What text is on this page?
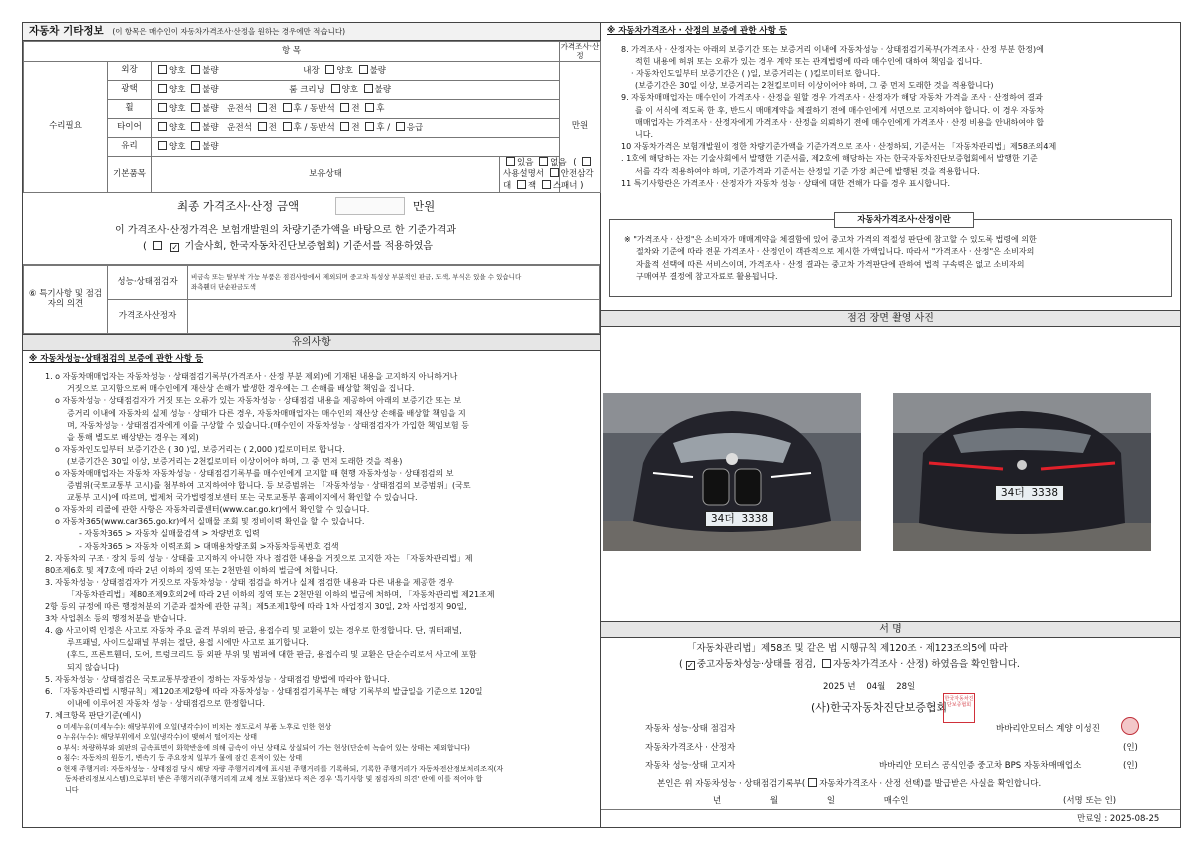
자동차 기타정보 (이 항목은 매수인이 자동차가격조사·산정을 원하는 경우에만 적습니다)
항 목				가격조사·산정
수리필요	외장	양호 불량 내장 양호 불량		만원
	광택	양호 불량 룸 크리닝 양호 불량		
	휠	양호 불량 운전석 전 후 / 동반석 전 후		
	타이어	양호 불량 운전석 전 후 / 동반석 전 후 / 응급		
	유리	양호 불량		
	기본품목	보유상태	있음 없음 ( 사용설명서 안전삼각대 잭 스패너 )	
최종 가격조사·산정 금액	만원
이 가격조사·산정가격은 보험개발원의 차량기준가액을 바탕으로 한 기준가격과
(	✓ 기술사회, 한국자동차진단보증협회) 기준서를 적용하였음
⑥ 특기사항 및 점검자의 의견	성능·상태점검자	비금속 또는 탈부착 가능 부품은 점검사항에서 제외되며 중고차 특성상 부분적인 판금, 도색, 부식은 있을 수 있습니다
좌측휀더 단순판금도색

	가격조사산정자	
유의사항
※ 자동차성능·상태점검의 보증에 관한 사항 등

1. o 자동차매매업자는 자동차성능 · 상태점검기록부(가격조사 · 산정 부분 제외)에 기재된 내용을 고지하지 아니하거나

거짓으로 고지함으로써 매수인에게 재산상 손해가 발생한 경우에는 그 손해를 배상할 책임을 집니다.

o 자동차성능 · 상태점검자가 거짓 또는 오류가 있는 자동차성능 · 상태점검 내용을 제공하여 아래의 보증기간 또는 보

증거리 이내에 자동차의 실제 성능 · 상태가 다른 경우, 자동차매매업자는 매수인의 재산상 손해를 배상할 책임을 지

며, 자동차성능 · 상태점검자에게 이를 구상할 수 있습니다.(매수인이 자동차성능 · 상태점검자가 가입한 책임보험 등

을 통해 별도로 배상받는 경우는 제외)

o 자동차인도일부터 보증기간은 ( 30 )일, 보증거리는 ( 2,000 )킬로미터로 합니다.

(보증기간은 30일 이상, 보증거리는 2천킬로미터 이상이어야 하며, 그 중 먼저 도래한 것을 적용)

o 자동차매매업자는 자동차 자동차성능 · 상태점검기록부를 매수인에게 고지할 때 현행 자동차성능 · 상태점검의 보

증범위(국토교통부 고시)를 첨부하여 고지하여야 합니다. 등 보증범위는 「자동차성능 · 상태점검의 보증범위」(국토

교통부 고시)에 따르며, 법제처 국가법령정보센터 또는 국토교통부 홈페이지에서 확인할 수 있습니다.

o 자동차의 리콜에 관한 사항은 자동차리콜센터(www.car.go.kr)에서 확인할 수 있습니다.

o 자동차365(www.car365.go.kr)에서 실매물 조회 및 정비이력 확인을 할 수 있습니다.

- 자동차365 > 자동차 실매물검색 > 차량번호 입력

- 자동차365 > 자동차 이력조회 > 대매용차량조회 >자동차등록번호 검색

2. 자동차의 구조 · 장치 등의 성능 · 상태를 고지하지 아니한 자나 점검한 내용을 거짓으로 고지한 자는 「자동차관리법」제

80조제6호 및 제7호에 따라 2년 이하의 징역 또는 2천만원 이하의 벌금에 처합니다.

3. 자동차성능 · 상태점검자가 거짓으로 자동차성능 · 상태 점검을 하거나 실제 점검한 내용과 다른 내용을 제공한 경우

「자동차관리법」제80조제9호의2에 따라 2년 이하의 징역 또는 2천만원 이하의 벌금에 처하며, 「자동차관리법 제21조제

2항 등의 규정에 따른 행정처분의 기준과 절차에 관한 규칙」제5조제1항에 따라 1차 사업정지 30일, 2차 사업정지 90일,

3차 사업취소 등의 행정처분을 받습니다.

4. @ 사고이력 인정은 사고로 자동차 주요 골격 부위의 판금, 용접수리 및 교환이 있는 경우로 한정합니다. 단, 쿼터패널,

루프패널, 사이드실패널 부위는 절단, 용접 시에만 사고로 표기합니다.

(후드, 프론트휀더, 도어, 트렁크리드 등 외판 부위 및 범퍼에 대한 판금, 용접수리 및 교환은 단순수리로서 사고에 포함

되지 않습니다)

5. 자동차성능 · 상태점검은 국토교통부장관이 정하는 자동차성능 · 상태점검 방법에 따라야 합니다.

6. 「자동차관리법 시행규칙」제120조제2항에 따라 자동차성능 · 상태점검기록부는 해당 기록부의 발급일을 기준으로 120일

이내에 이루어진 자동차 성능 · 상태점검으로 한정합니다.

7. 체크항목 판단기준(예시)

o 미세누유(미세누수): 해당부위에 오일(냉각수)이 비치는 정도로서 부품 노후로 인한 현상

o 누유(누수): 해당부위에서 오일(냉각수)이 맺혀서 떨어지는 상태

o 부식: 차량하부와 외판의 금속표면이 화학반응에 의해 금속이 아닌 상태로 상실되어 가는 현상(단순히 녹슬어 있는 상태는 제외합니다)

o 침수: 자동차의 원동기, 변속기 등 주요장치 일부가 물에 잠긴 흔적이 있는 상태

o 현재 주행거리: 자동차성능 · 상태점검 당시 해당 자량 주행거리계에 표시된 주행거리를 기록하되, 기록한 주행거리가 자동차전산정보처리조직(자

동차관리정보시스템)으로부터 받은 주행거리(주행거리계 교체 정보 포함)보다 적은 경우 '특기사항 및 점검자의 의견' 란에 이를 적어야 합

니다

※ 자동차가격조사 · 산정의 보증에 관한 사항 등

8. 가격조사 · 산정자는 아래의 보증기간 또는 보증거리 이내에 자동차성능 · 상태점검기록부(가격조사 · 산정 부분 한정)에

적힌 내용에 허위 또는 오류가 있는 경우 계약 또는 관계법령에 따라 매수인에 대하여 책임을 집니다.

· 자동차인도일부터 보증기간은 ( )일, 보증거리는 ( )킬로미터로 합니다.

(보증기간은 30일 이상, 보증거리는 2천킬로미터 이상이어야 하며, 그 중 먼저 도래한 것을 적용합니다)

9. 자동차매매업자는 매수인이 가격조사 · 산정을 원할 경우 가격조사 · 산정자가 해당 자동차 가격을 조사 · 산정하여 결과

를 이 서식에 적도록 한 후, 반드시 매매계약을 체결하기 전에 매수인에게 서면으로 고지하여야 합니다. 이 경우 자동차

매매업자는 가격조사 · 산정자에게 가격조사 · 산정을 의뢰하기 전에 매수인에게 가격조사 · 산정 비용을 안내하여야 합

니다.

10 자동차가격은 보험개발원이 정한 차량기준가액을 기준가격으로 조사 · 산정하되, 기준서는 「자동차관리법」제58조의4제

. 1호에 해당하는 자는 기술사회에서 발행한 기준서를, 제2호에 해당하는 자는 한국자동차진단보증협회에서 발행한 기준

서를 각각 적용하여야 하며, 기준가격과 기준서는 산정일 기준 가장 최근에 발행된 것을 적용합니다.

11 특기사항란은 가격조사 · 산정자가 자동차 성능 · 상태에 대한 견해가 다를 경우 표시합니다.

자동차가격조사·산정이란

※ "가격조사 · 산정"은 소비자가 매매계약을 체결함에 있어 중고차 가격의 적절성 판단에 참고할 수 있도록 법령에 의한

절차와 기준에 따라 전문 가격조사 · 산정인이 객관적으로 제시한 가액입니다. 따라서 "가격조사 · 산정"은 소비자의

자율적 선택에 따른 서비스이며, 가격조사 · 산정 결과는 중고차 가격판단에 관하여 법적 구속력은 없고 소비자의

구매여부 결정에 참고자료로 활용됩니다.

점검 장면 촬영 사진
34더 3338
34더 3338
서 명
「자동차관리법」제58조 및 같은 법 시행규칙 제120조 · 제123조의5에 따라
( ✓ 중고자동차성능·상태를 점검, 자동차가격조사 · 산정) 하였음을 확인합니다.
2025 년 04월 28일
(사)한국자동차진단보증협회
한국자동차진단보증협회
자동차 성능·상태 점검자	바바리안모터스 계양 이성진
자동차가격조사 · 산정자	(인)
자동차 성능·상태 고지자	바바리안 모터스 공식인증 중고차 BPS 자동차매매업소	(인)
본인은 위 자동차성능 · 상태점검기록부( 자동차가격조사 · 산정 선택)를 발급받은 사실을 확인합니다.
년	월	일	매수인	(서명 또는 인)
만료일 : 2025-08-25
